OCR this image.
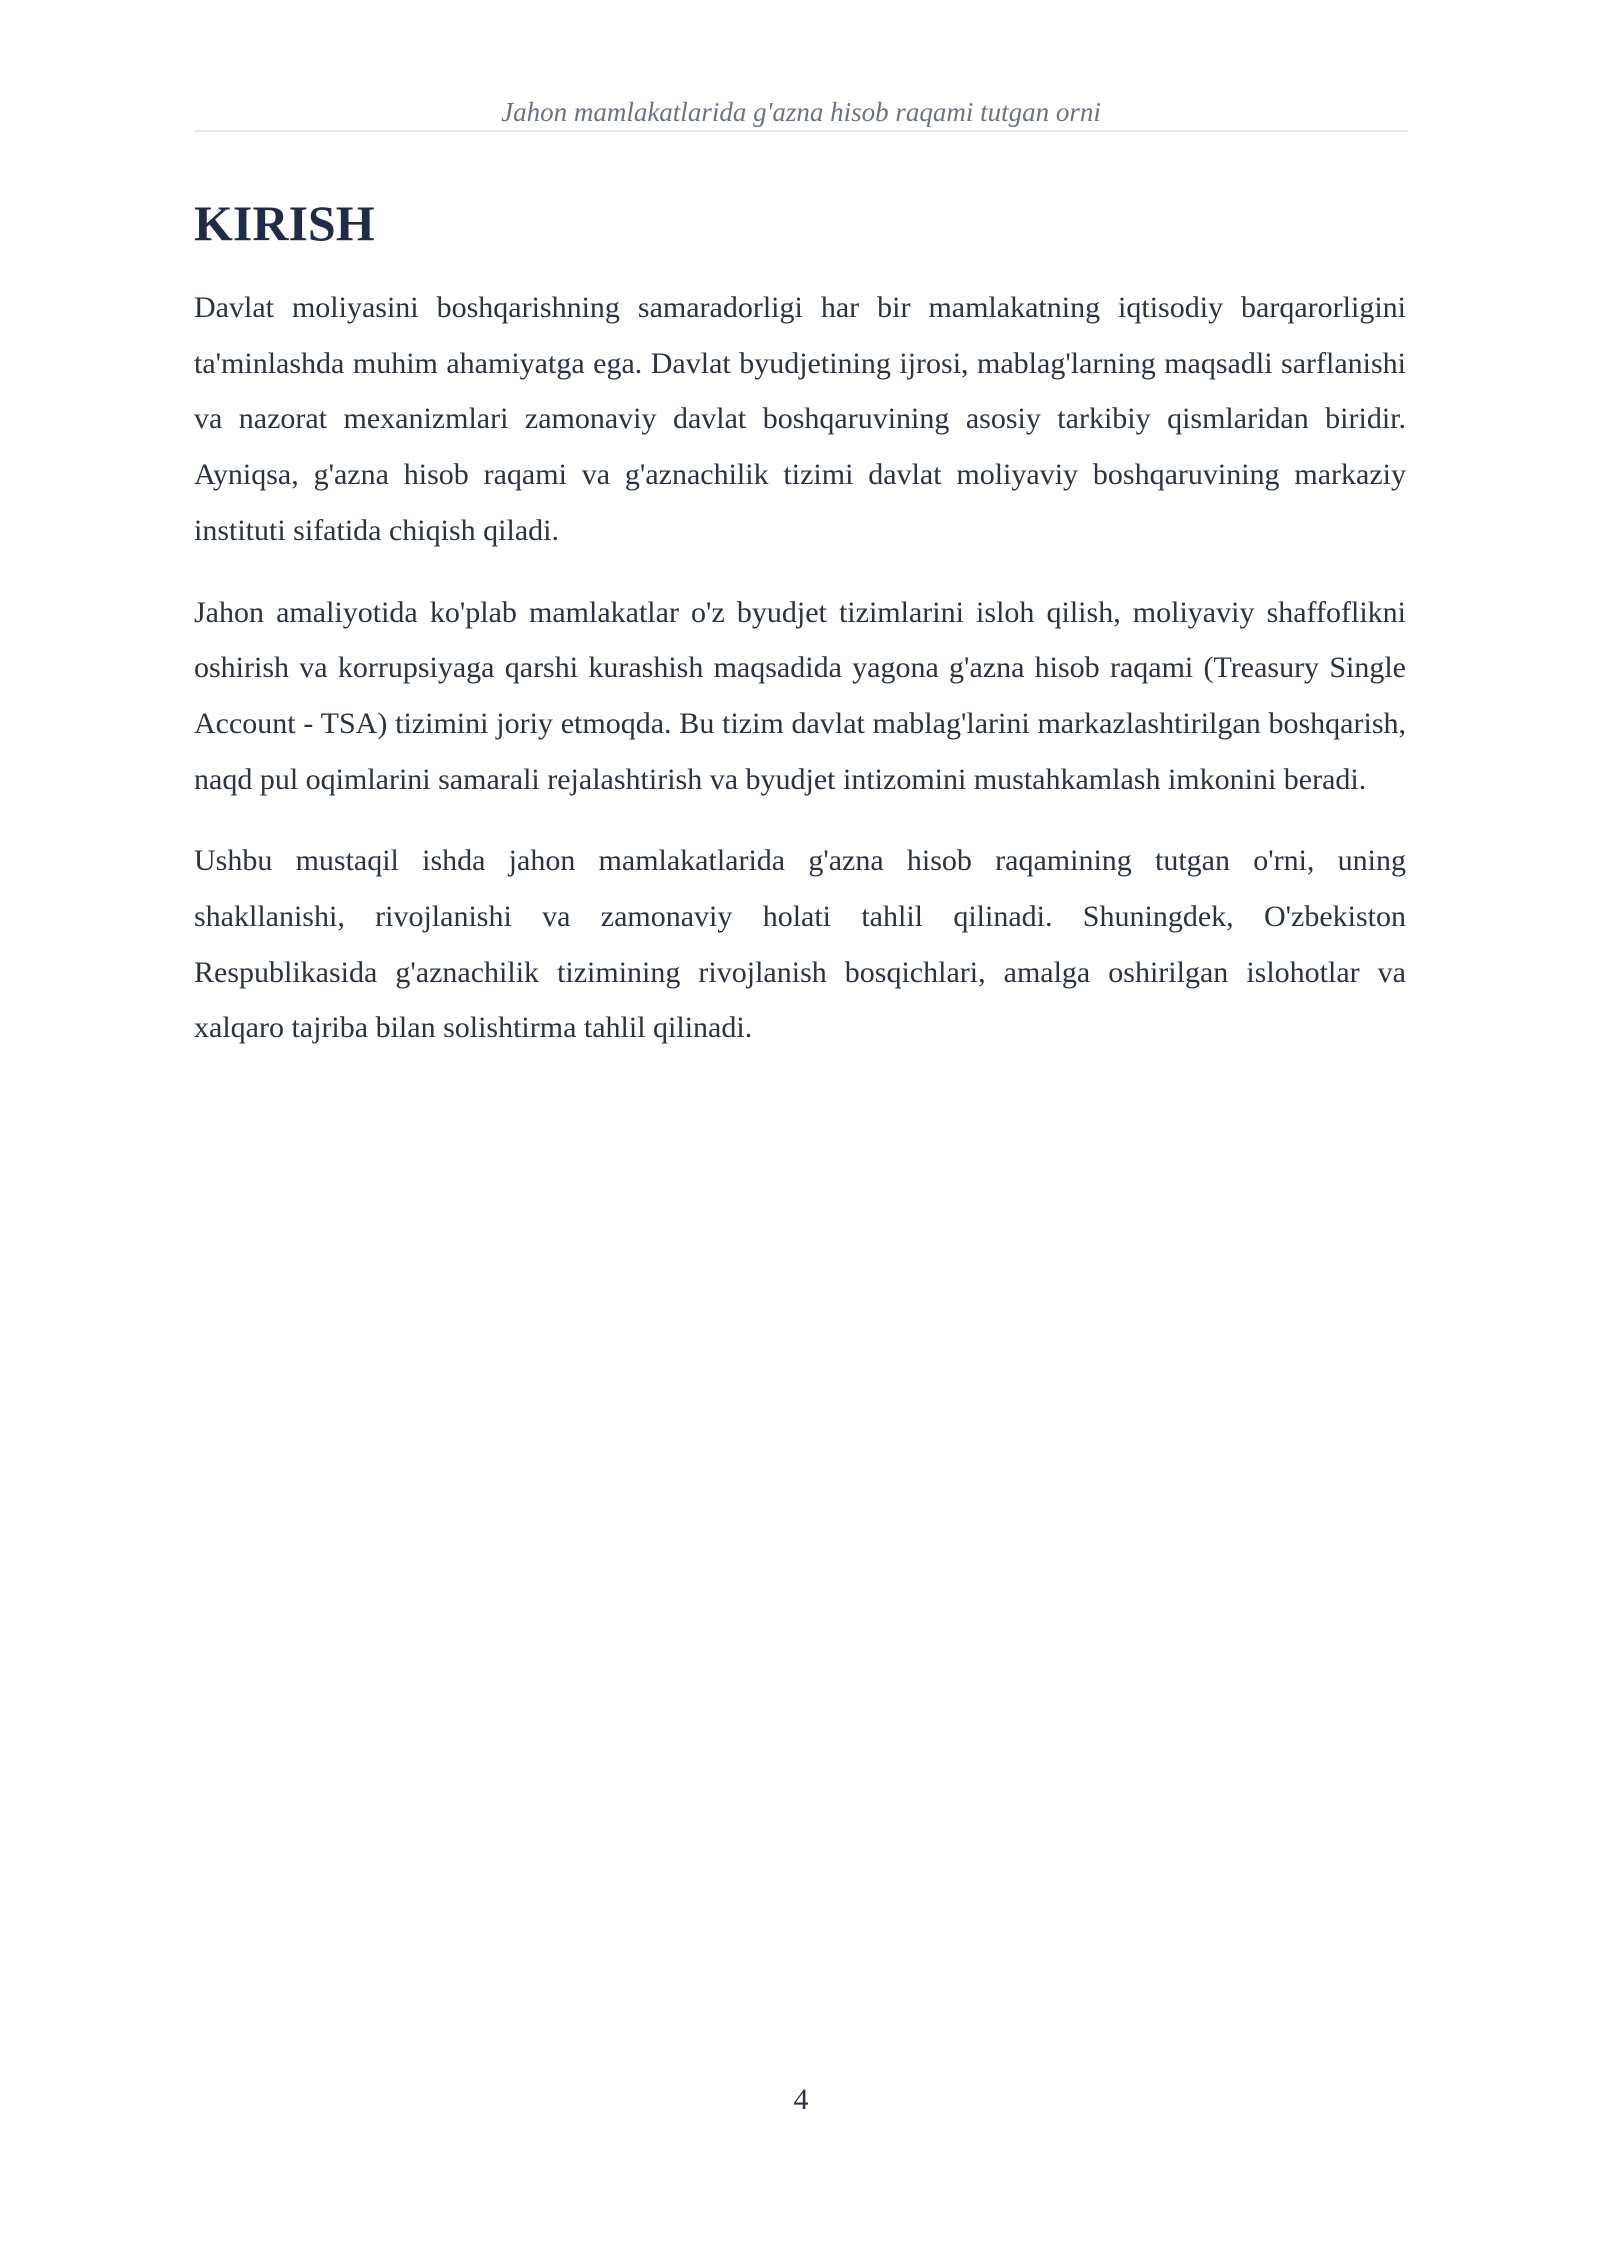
Jahon mamlakatlarida g'azna hisob raqami tutgan orni
KIRISH

Davlat moliyasini boshqarishning samaradorligi har bir mamlakatning iqtisodiy barqarorligini ta'minlashda muhim ahamiyatga ega. Davlat byudjetining ijrosi, mablag'larning maqsadli sarflanishi va nazorat mexanizmlari zamonaviy davlat boshqaruvining asosiy tarkibiy qismlaridan biridir. Ayniqsa, g'azna hisob raqami va g'aznachilik tizimi davlat moliyaviy boshqaruvining markaziy instituti sifatida chiqish qiladi.

Jahon amaliyotida ko'plab mamlakatlar o'z byudjet tizimlarini isloh qilish, moliyaviy shaffoflikni oshirish va korrupsiyaga qarshi kurashish maqsadida yagona g'azna hisob raqami (Treasury Single Account - TSA) tizimini joriy etmoqda. Bu tizim davlat mablag'larini markazlashtirilgan boshqarish, naqd pul oqimlarini samarali rejalashtirish va byudjet intizomini mustahkamlash imkonini beradi.

Ushbu mustaqil ishda jahon mamlakatlarida g'azna hisob raqamining tutgan o'rni, uning shakllanishi, rivojlanishi va zamonaviy holati tahlil qilinadi. Shuningdek, O'zbekiston Respublikasida g'aznachilik tizimining rivojlanish bosqichlari, amalga oshirilgan islohotlar va xalqaro tajriba bilan solishtirma tahlil qilinadi.

4
